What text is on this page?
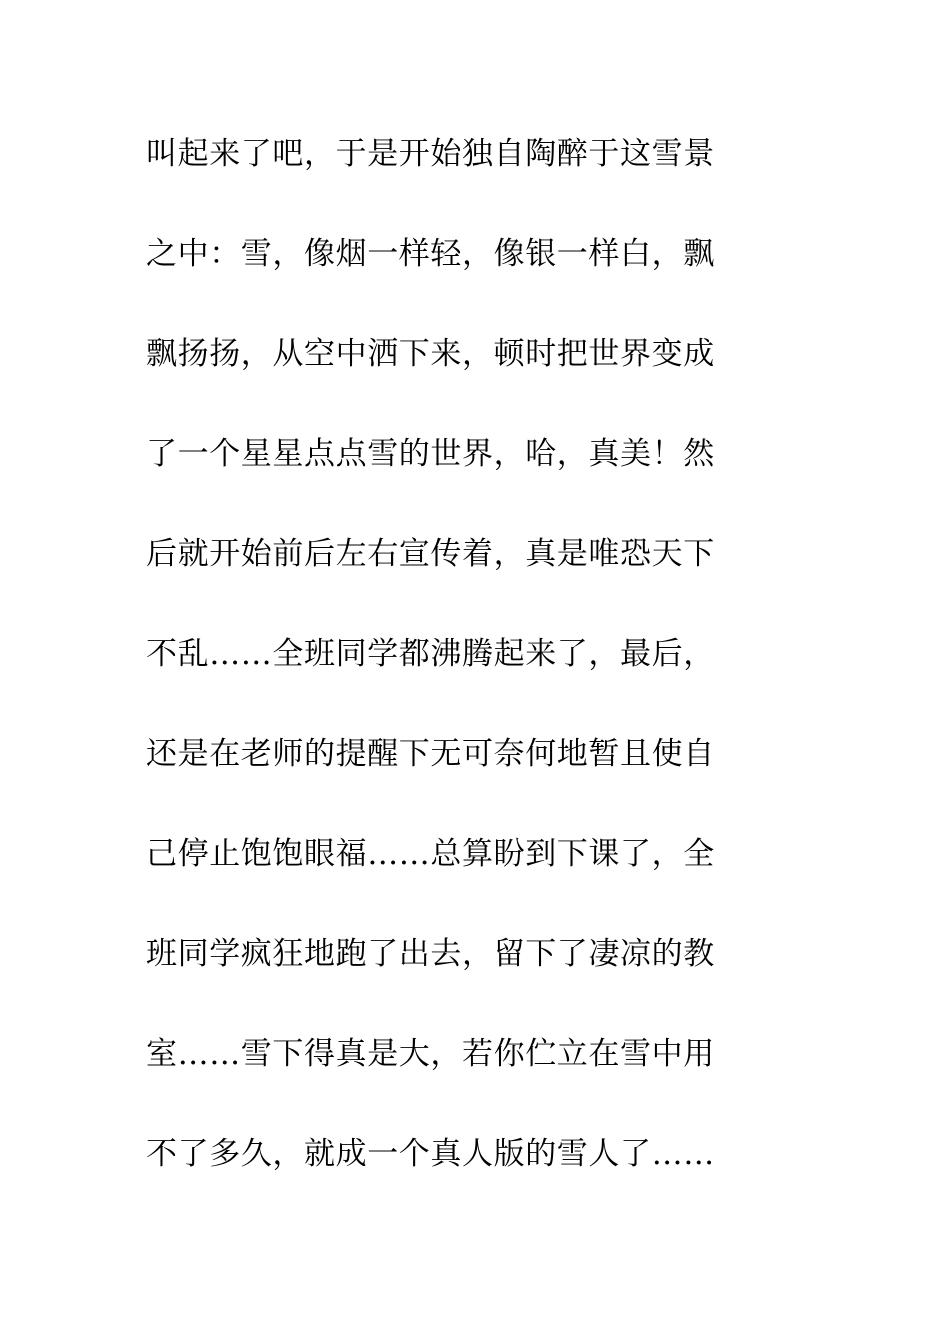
叫起来了吧，于是开始独自陶醉于这雪景
之中：雪，像烟一样轻，像银一样白，飘
飘扬扬，从空中洒下来，顿时把世界变成
了一个星星点点雪的世界，哈，真美！然
后就开始前后左右宣传着，真是唯恐天下
不乱……全班同学都沸腾起来了，最后，
还是在老师的提醒下无可奈何地暂且使自
己停止饱饱眼福……总算盼到下课了，全
班同学疯狂地跑了出去，留下了凄凉的教
室……雪下得真是大，若你伫立在雪中用
不了多久，就成一个真人版的雪人了……
